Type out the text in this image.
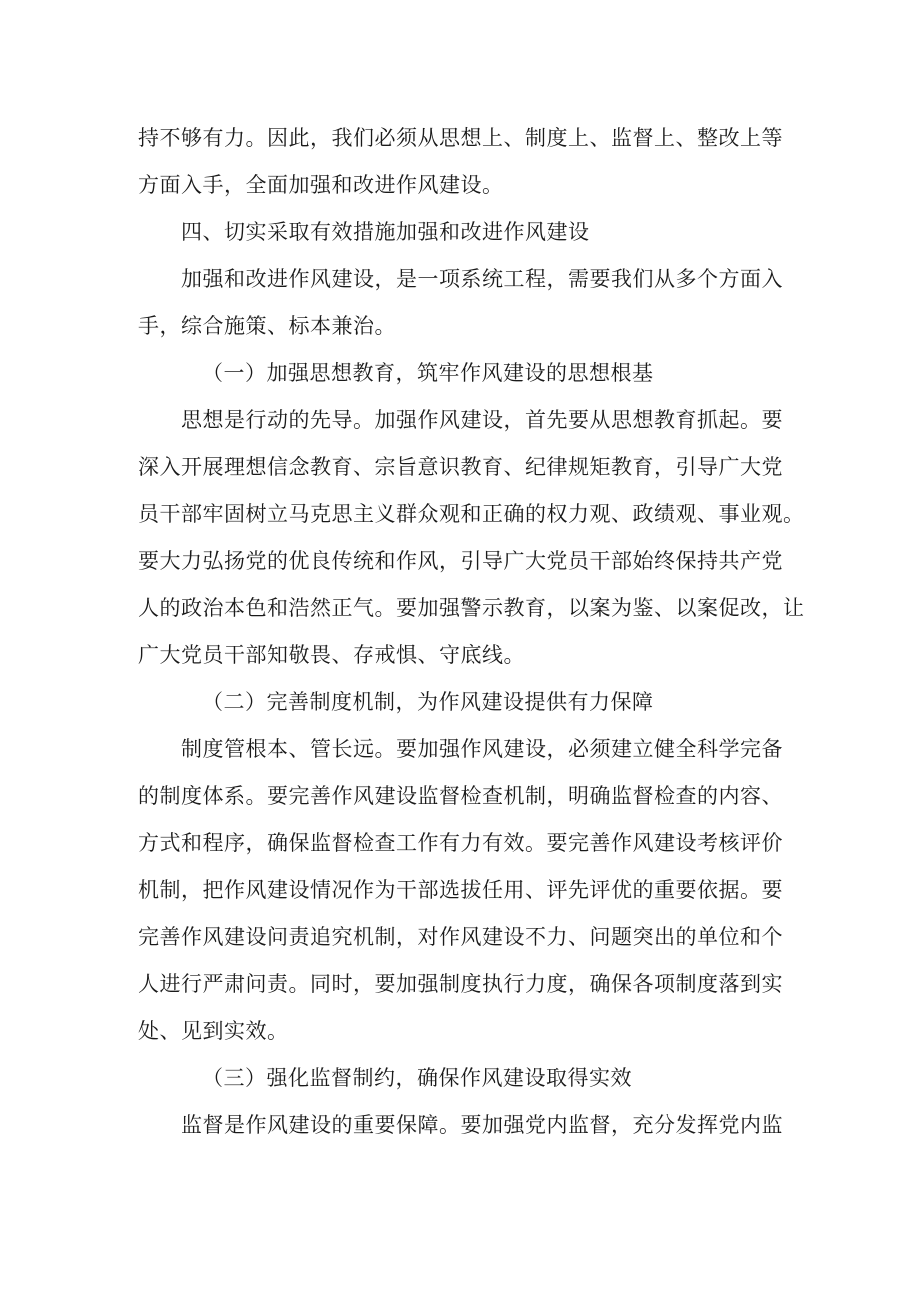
持不够有力。因此，我们必须从思想上、制度上、监督上、整改上等
方面入手，全面加强和改进作风建设。
四、切实采取有效措施加强和改进作风建设
加强和改进作风建设，是一项系统工程，需要我们从多个方面入
手，综合施策、标本兼治。
（一）加强思想教育，筑牢作风建设的思想根基
思想是行动的先导。加强作风建设，首先要从思想教育抓起。要
深入开展理想信念教育、宗旨意识教育、纪律规矩教育，引导广大党
员干部牢固树立马克思主义群众观和正确的权力观、政绩观、事业观。
要大力弘扬党的优良传统和作风，引导广大党员干部始终保持共产党
人的政治本色和浩然正气。要加强警示教育，以案为鉴、以案促改，让
广大党员干部知敬畏、存戒惧、守底线。
（二）完善制度机制，为作风建设提供有力保障
制度管根本、管长远。要加强作风建设，必须建立健全科学完备
的制度体系。要完善作风建设监督检查机制，明确监督检查的内容、
方式和程序，确保监督检查工作有力有效。要完善作风建设考核评价
机制，把作风建设情况作为干部选拔任用、评先评优的重要依据。要
完善作风建设问责追究机制，对作风建设不力、问题突出的单位和个
人进行严肃问责。同时，要加强制度执行力度，确保各项制度落到实
处、见到实效。
（三）强化监督制约，确保作风建设取得实效
监督是作风建设的重要保障。要加强党内监督，充分发挥党内监
